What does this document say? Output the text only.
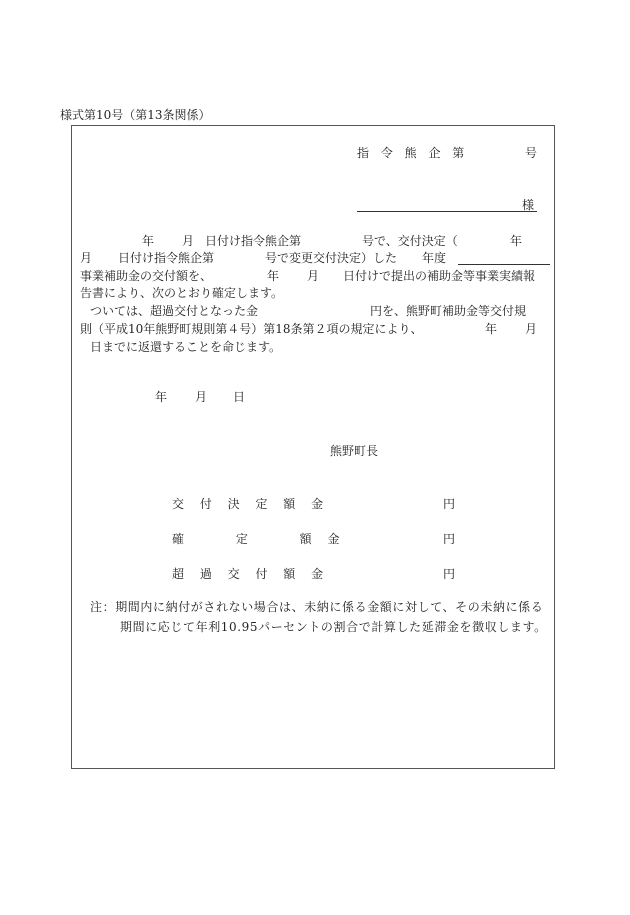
様式第10号（第13条関係）
指 令 熊 企 第	号
様
年 月 日付け指令熊企第	号で、交付決定（	年
月 日付け指令熊企第	号で変更交付決定）した 年度
事業補助金の交付額を、	年 月 日付けで提出の補助金等事業実績報
告書により、次のとおり確定します。
ついては、超過交付となった金	円を、熊野町補助金等交付規
則（平成10年熊野町規則第４号）第18条第２項の規定により、	年 月
日までに返還することを命じます。
年 月 日
熊野町長
交 付 決 定 額 金	円
確　　 定　　 額 金	円
超 過 交 付 額 金	円
注：期間内に納付がされない場合は、未納に係る金額に対して、その未納に係る
期間に応じて年利10.95パーセントの割合で計算した延滞金を徴収します。
